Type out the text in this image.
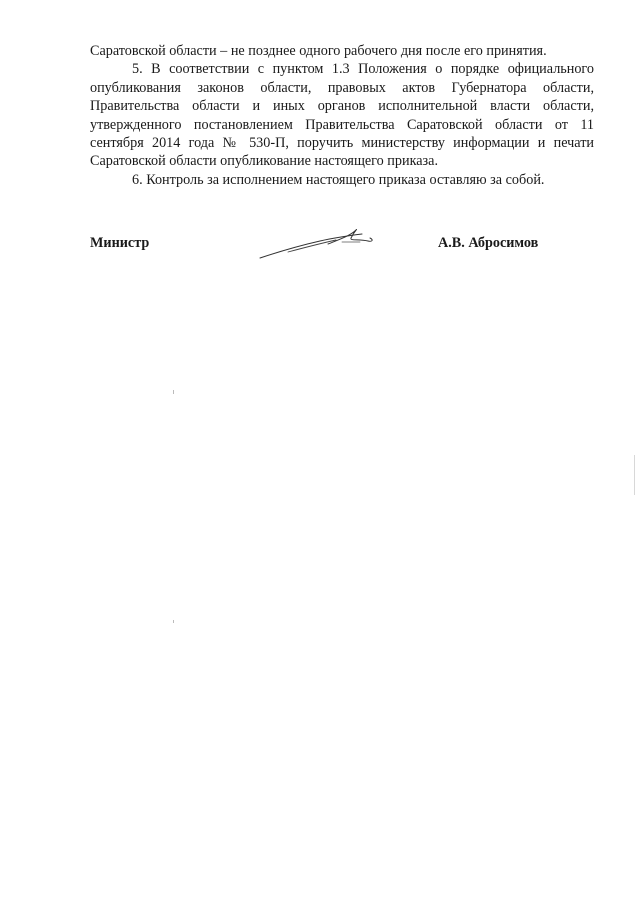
Саратовской области – не позднее одного рабочего дня после его принятия.

5. В соответствии с пунктом 1.3 Положения о порядке официального опубликования законов области, правовых актов Губернатора области, Правительства области и иных органов исполнительной власти области, утвержденного постановлением Правительства Саратовской области от 11 сентября 2014 года № 530-П, поручить министерству информации и печати Саратовской области опубликование настоящего приказа.

6. Контроль за исполнением настоящего приказа оставляю за собой.

Министр	А.В. Абросимов
